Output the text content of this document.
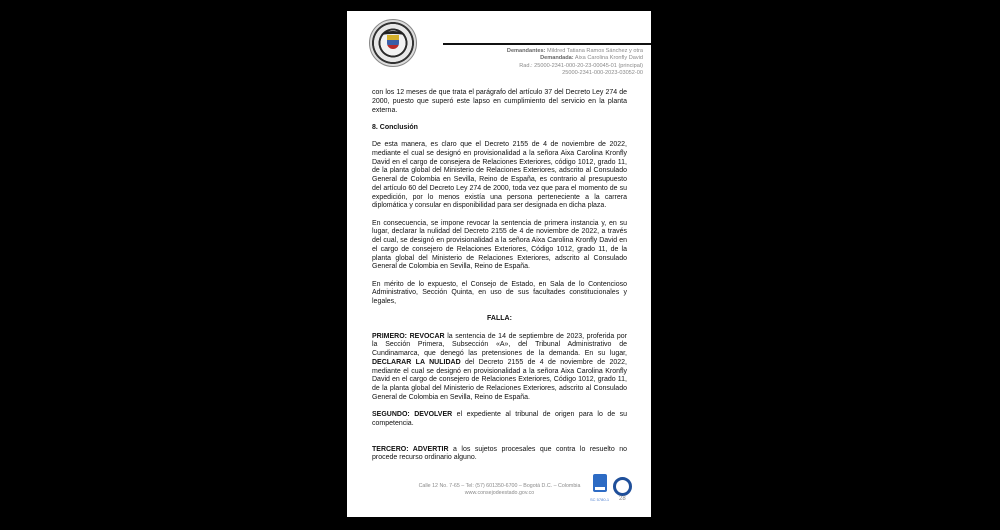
Demandantes: Mildred Tatiana Ramos Sánchez y otra
Demandada: Aixa Carolina Kronfly David
Rad.: 25000-2341-000-20-23-00045-01 (principal)
25000-2341-000-2023-03052-00

con los 12 meses de que trata el parágrafo del artículo 37 del Decreto Ley 274 de 2000, puesto que superó este lapso en cumplimiento del servicio en la planta externa.

8. Conclusión

De esta manera, es claro que el Decreto 2155 de 4 de noviembre de 2022, mediante el cual se designó en provisionalidad a la señora Aixa Carolina Kronfly David en el cargo de consejera de Relaciones Exteriores, código 1012, grado 11, de la planta global del Ministerio de Relaciones Exteriores, adscrito al Consulado General de Colombia en Sevilla, Reino de España, es contrario al presupuesto del artículo 60 del Decreto Ley 274 de 2000, toda vez que para el momento de su expedición, por lo menos existía una persona perteneciente a la carrera diplomática y consular en disponibilidad para ser designada en dicha plaza.

En consecuencia, se impone revocar la sentencia de primera instancia y, en su lugar, declarar la nulidad del Decreto 2155 de 4 de noviembre de 2022, a través del cual, se designó en provisionalidad a la señora Aixa Carolina Kronfly David en el cargo de consejero de Relaciones Exteriores, Código 1012, grado 11, de la planta global del Ministerio de Relaciones Exteriores, adscrito al Consulado General de Colombia en Sevilla, Reino de España.

En mérito de lo expuesto, el Consejo de Estado, en Sala de lo Contencioso Administrativo, Sección Quinta, en uso de sus facultades constitucionales y legales,

FALLA:

PRIMERO: REVOCAR la sentencia de 14 de septiembre de 2023, proferida por la Sección Primera, Subsección «A», del Tribunal Administrativo de Cundinamarca, que denegó las pretensiones de la demanda. En su lugar, DECLARAR LA NULIDAD del Decreto 2155 de 4 de noviembre de 2022, mediante el cual se designó en provisionalidad a la señora Aixa Carolina Kronfly David en el cargo de consejero de Relaciones Exteriores, Código 1012, grado 11, de la planta global del Ministerio de Relaciones Exteriores, adscrito al Consulado General de Colombia en Sevilla, Reino de España.

SEGUNDO: DEVOLVER el expediente al tribunal de origen para lo de su competencia.

TERCERO: ADVERTIR a los sujetos procesales que contra lo resuelto no procede recurso ordinario alguno.

Calle 12 No. 7-65 – Tel: (57) 601350-6700 – Bogotá D.C. – Colombia
www.consejodeestado.gov.co
SC 5780-1 28
